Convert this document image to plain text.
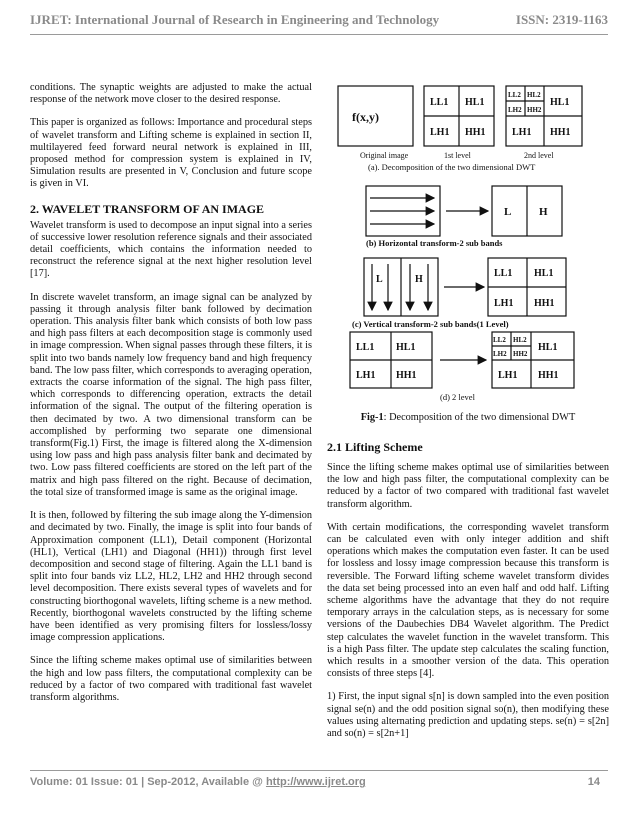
IJRET: International Journal of Research in Engineering and Technology	ISSN: 2319-1163

conditions. The synaptic weights are adjusted to make the actual response of the network move closer to the desired response.

This paper is organized as follows: Importance and procedural steps of wavelet transform and Lifting scheme is explained in section II, multilayered feed forward neural network is explained in III, proposed method for compression system is explained in IV, Simulation results are presented in V, Conclusion and future scope is given in VI.

2. WAVELET TRANSFORM OF AN IMAGE

Wavelet transform is used to decompose an input signal into a series of successive lower resolution reference signals and their associated detail coefficients, which contains the information needed to reconstruct the reference signal at the next higher resolution level [17].

In discrete wavelet transform, an image signal can be analyzed by passing it through analysis filter bank followed by decimation operation. This analysis filter bank which consists of both low pass and high pass filters at each decomposition stage is commonly used in image compression. When signal passes through these filters, it is split into two bands namely low frequency band and high frequency band. The low pass filter, which corresponds to averaging operation, extracts the coarse information of the signal. The high pass filter, which corresponds to differencing operation, extracts the detail information of the signal. The output of the filtering operation is then decimated by two. A two dimensional transform can be accomplished by performing two separate one dimensional transform(Fig.1) First, the image is filtered along the X-dimension using low pass and high pass analysis filter bank and decimated by two. Low pass filtered coefficients are stored on the left part of the matrix and high pass filtered on the right. Because of decimation, the total size of transformed image is same as the original image.

It is then, followed by filtering the sub image along the Y-dimension and decimated by two. Finally, the image is split into four bands of Approximation component (LL1), Detail component (Horizontal (HL1), Vertical (LH1) and Diagonal (HH1)) through first level decomposition and second stage of filtering. Again the LL1 band is split into four bands viz LL2, HL2, LH2 and HH2 through second level decomposition. There exists several types of wavelets and for constructing biorthogonal wavelets, lifting scheme is a new method. Recently, biorthogonal wavelets constructed by the lifting scheme have been identified as very promising filters for lossless/lossy image compression applications.

Since the lifting scheme makes optimal use of similarities between the high and low pass filters, the computational complexity can be reduced by a factor of two compared with traditional fast wavelet transform algorithms.

f(x,y)
LL1 HL1
LH1 HH1
LL2 HL2
LH2 HH2
HL1
LH1 HH1
L	H
L	H
LL1 HL1
LH1 HH1
LL1 HL1
LH1 HH1
LL2 HL2
LH2 HH2
HL1
LH1 HH1
Original image	1st level	2nd level
(a). Decomposition of the two dimensional DWT
(b) Horizontal transform-2 sub bands
(c) Vertical transform-2 sub bands(1 Level)
(d) 2 level
Fig-1: Decomposition of the two dimensional DWT
2.1 Lifting Scheme

Since the lifting scheme makes optimal use of similarities between the low and high pass filter, the computational complexity can be reduced by a factor of two compared with traditional fast wavelet transform algorithm.

With certain modifications, the corresponding wavelet transform can be calculated even with only integer addition and shift operations which makes the computation even faster. It can be used for lossless and lossy image compression because this transform is reversible. The Forward lifting scheme wavelet transform divides the data set being processed into an even half and odd half. Lifting scheme algorithms have the advantage that they do not require temporary arrays in the calculation steps, as is necessary for some versions of the Daubechies DB4 Wavelet algorithm. The Predict step calculates the wavelet function in the wavelet transform. This is a high Pass filter. The update step calculates the scaling function, which results in a smoother version of the data. This operation consists of three steps [4].

1) First, the input signal s[n] is down sampled into the even position signal se(n) and the odd position signal so(n), then modifying these values using alternating prediction and updating steps. se(n) = s[2n] and so(n) = s[2n+1]

Volume: 01 Issue: 01 | Sep-2012, Available @ http://www.ijret.org	14
